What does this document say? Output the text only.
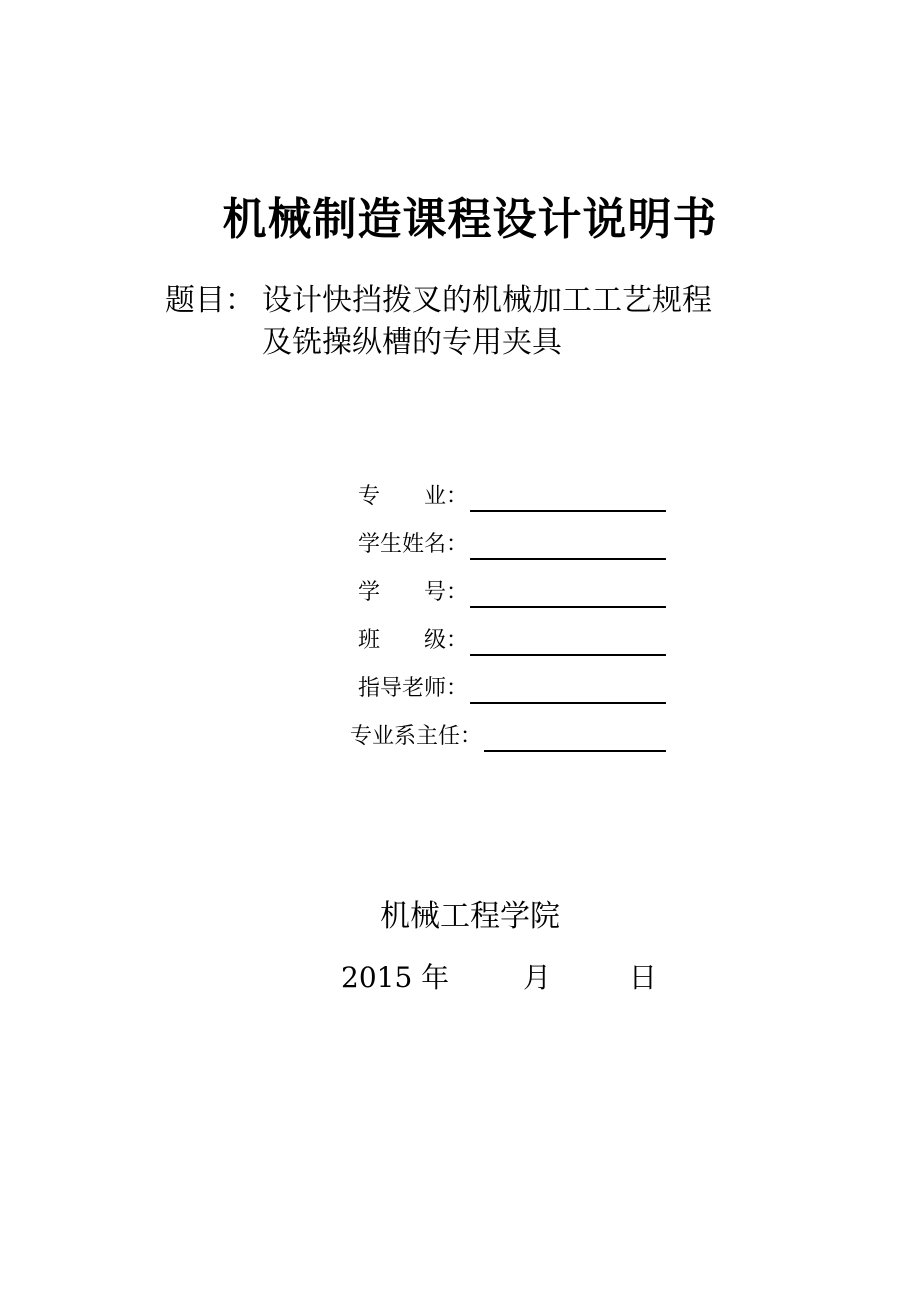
机械制造课程设计说明书
题目： 设计快挡拨叉的机械加工工艺规程
及铣操纵槽的专用夹具
专　　业：
学生姓名：
学　　号：
班　　级：
指导老师：
专业系主任：
机械工程学院
2015 年	月	日
